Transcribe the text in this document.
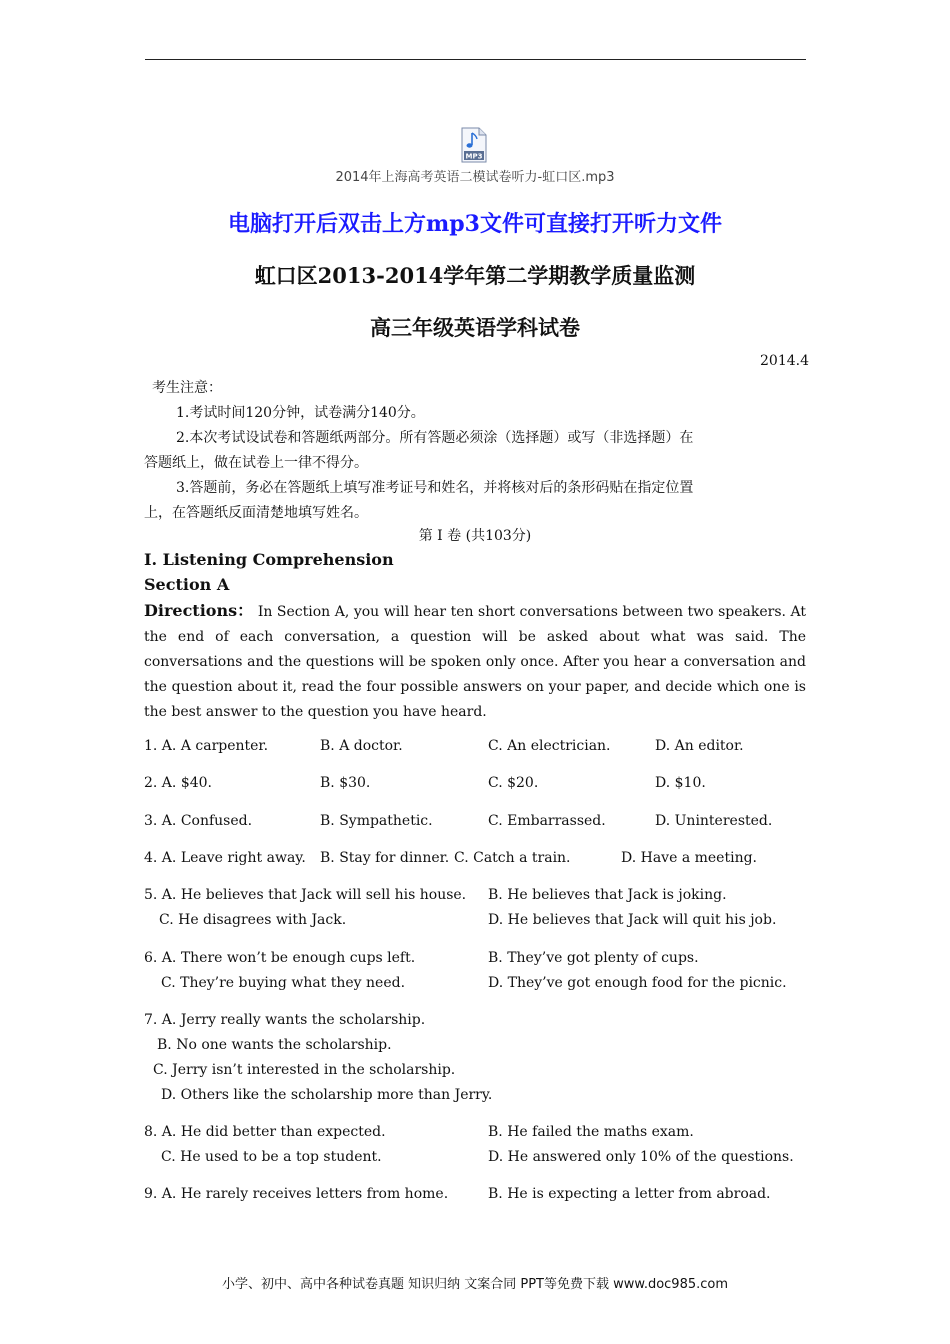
MP3
2014年上海高考英语二模试卷听力-虹口区.mp3
电脑打开后双击上方mp3文件可直接打开听力文件
虹口区2013-2014学年第二学期教学质量监测
高三年级英语学科试卷
2014.4
考生注意：
1.考试时间120分钟，试卷满分140分。
2.本次考试设试卷和答题纸两部分。所有答题必须涂（选择题）或写（非选择题）在
答题纸上，做在试卷上一律不得分。
3.答题前，务必在答题纸上填写准考证号和姓名，并将核对后的条形码贴在指定位置
上，在答题纸反面清楚地填写姓名。
第 I 卷 (共103分)
I. Listening Comprehension
Section A
Directions： In Section A, you will hear ten short conversations between two speakers. At the end of each conversation, a question will be asked about what was said. The conversations and the questions will be spoken only once. After you hear a conversation and the question about it, read the four possible answers on your paper, and decide which one is the best answer to the question you have heard.
1. A. A carpenter.	B. A doctor.	C. An electrician.	D. An editor.
2. A. $40.	B. $30.	C. $20.	D. $10.
3. A. Confused.	B. Sympathetic.	C. Embarrassed.	D. Uninterested.
4. A. Leave right away. B. Stay for dinner. C. Catch a train.	D. Have a meeting.
5. A. He believes that Jack will sell his house. B. He believes that Jack is joking.
C. He disagrees with Jack.	D. He believes that Jack will quit his job.
6. A. There won’t be enough cups left.	B. They’ve got plenty of cups.
C. They’re buying what they need.	D. They’ve got enough food for the picnic.
7. A. Jerry really wants the scholarship.
B. No one wants the scholarship.
C. Jerry isn’t interested in the scholarship.
D. Others like the scholarship more than Jerry.
8. A. He did better than expected.	B. He failed the maths exam.
C. He used to be a top student.	D. He answered only 10% of the questions.
9. A. He rarely receives letters from home.	B. He is expecting a letter from abroad.
小学、初中、高中各种试卷真题 知识归纳 文案合同 PPT等免费下载 www.doc985.com
